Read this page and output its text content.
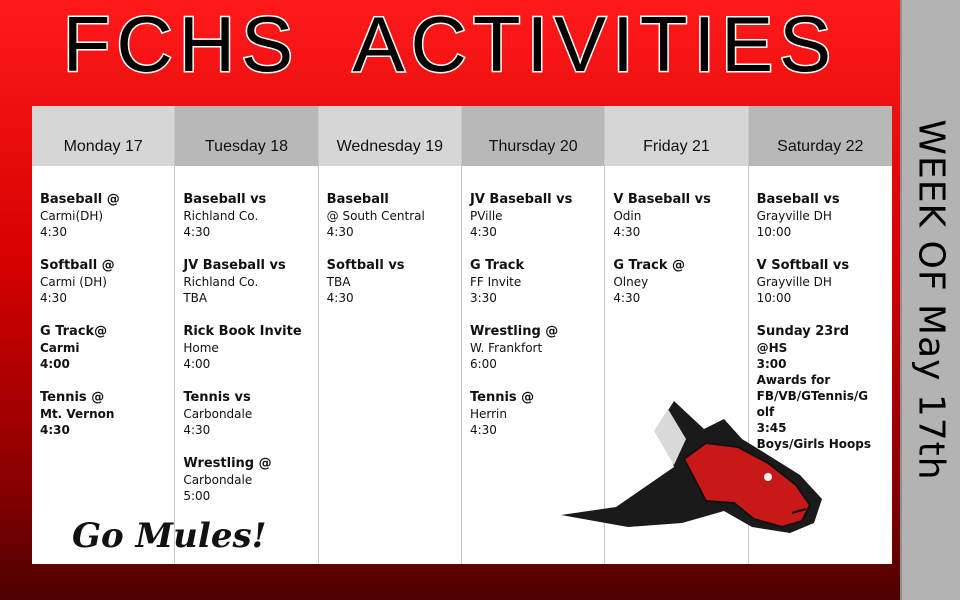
FCHS ACTIVITIES
WEEK OF May 17th
Monday 17
Baseball @
Carmi(DH)
4:30
Softball @
Carmi (DH)
4:30
G Track@
Carmi
4:00
Tennis @
Mt. Vernon
4:30
Tuesday 18
Baseball vs
Richland Co.
4:30
JV Baseball vs
Richland Co.
TBA
Rick Book Invite
Home
4:00
Tennis vs
Carbondale
4:30
Wrestling @
Carbondale
5:00
Wednesday 19
Baseball
@ South Central
4:30
Softball vs
TBA
4:30
Thursday 20
JV Baseball vs
PVille
4:30
G Track
FF Invite
3:30
Wrestling @
W. Frankfort
6:00
Tennis @
Herrin
4:30
Friday 21
V Baseball vs
Odin
4:30
G Track @
Olney
4:30
Saturday 22
Baseball vs
Grayville DH
10:00
V Softball vs
Grayville DH
10:00
Sunday 23rd
@HS
3:00
Awards for
FB/VB/GTennis/G
olf
3:45
Boys/Girls Hoops
Go Mules!
